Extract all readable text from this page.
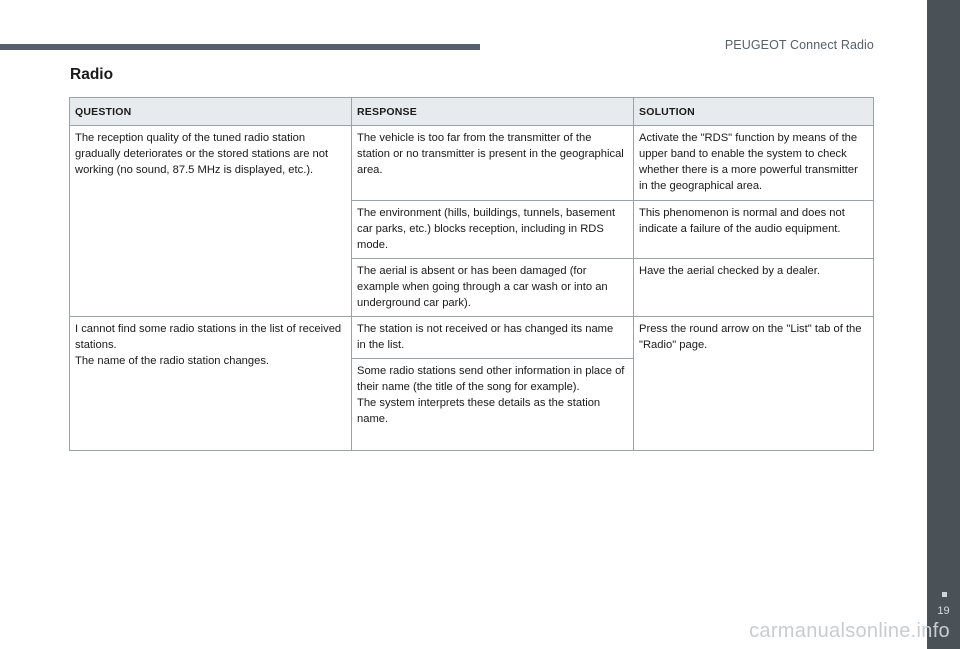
PEUGEOT Connect Radio
19
Radio
QUESTION	RESPONSE	SOLUTION
The reception quality of the tuned radio station gradually deteriorates or the stored stations are not working (no sound, 87.5 MHz is displayed, etc.).	The vehicle is too far from the transmitter of the station or no transmitter is present in the geographical area.	Activate the "RDS" function by means of the upper band to enable the system to check whether there is a more powerful transmitter in the geographical area.
	The environment (hills, buildings, tunnels, basement car parks, etc.) blocks reception, including in RDS mode.	This phenomenon is normal and does not indicate a failure of the audio equipment.
	The aerial is absent or has been damaged (for example when going through a car wash or into an underground car park).	Have the aerial checked by a dealer.

I cannot find some radio stations in the list of received stations.
The name of the radio station changes.	The station is not received or has changed its name in the list.	Press the round arrow on the "List" tab of the "Radio" page.

	Some radio stations send other information in place of their name (the title of the song for example).
The system interprets these details as the station name.	
carmanualsonline.info
